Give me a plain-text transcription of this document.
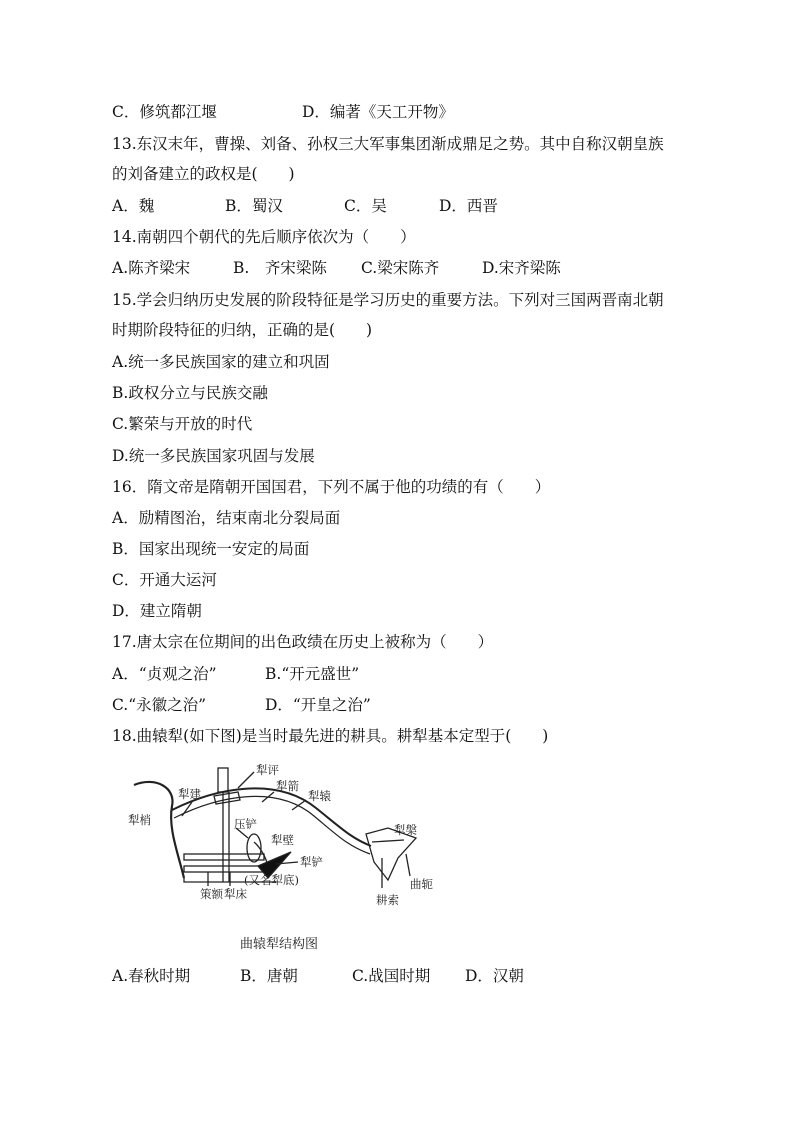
C．修筑都江堰	D．编著《天工开物》
13.东汉末年，曹操、刘备、孙权三大军事集团渐成鼎足之势。其中自称汉朝皇族
的刘备建立的政权是(　　)
A．魏	B．蜀汉	C．吴	D．西晋
14.南朝四个朝代的先后顺序依次为（　　）
A.陈齐梁宋	B.　齐宋梁陈 C.梁宋陈齐	D.宋齐梁陈
15.学会归纳历史发展的阶段特征是学习历史的重要方法。下列对三国两晋南北朝
时期阶段特征的归纳，正确的是(　　)
A.统一多民族国家的建立和巩固
B.政权分立与民族交融
C.繁荣与开放的时代
D.统一多民族国家巩固与发展
16．隋文帝是隋朝开国国君，下列不属于他的功绩的有（　　）
A．励精图治，结束南北分裂局面
B．国家出现统一安定的局面
C．开通大运河
D．建立隋朝
17.唐太宗在位期间的出色政绩在历史上被称为（　　）
A．“贞观之治”	B.“开元盛世”
C.“永徽之治”	D．“开皇之治”
18.曲辕犁(如下图)是当时最先进的耕具。耕犁基本定型于(　　)
犁评
犁建
犁箭
犁辕
犁梢	压铲
犁壁
犁铲
犁槃
曲轭
耕索
策额 犁床
(又名犁底)
曲辕犁结构图
A.春秋时期	B．唐朝	C.战国时期 D．汉朝
